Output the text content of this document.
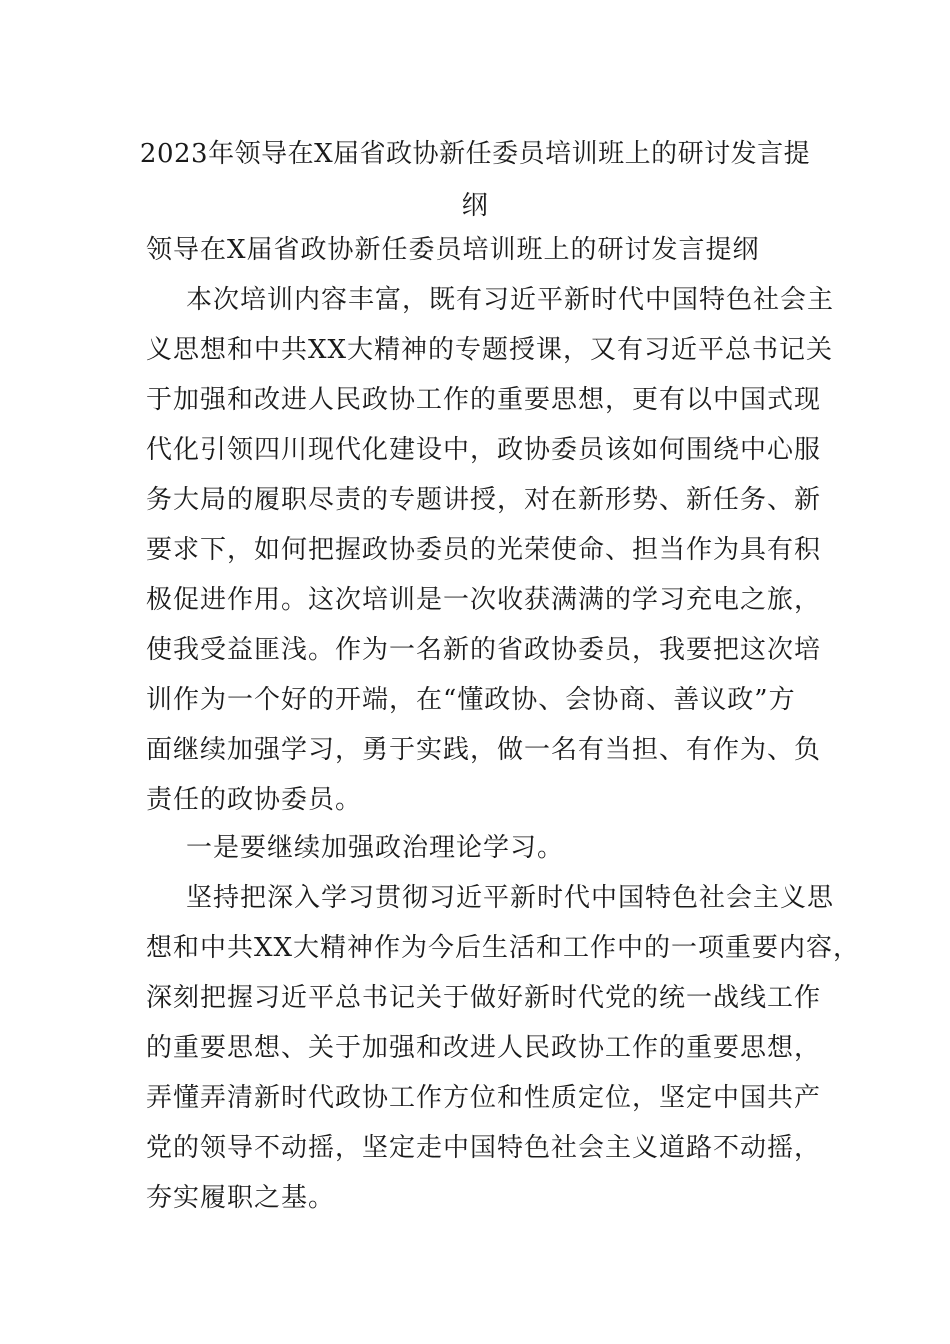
2023年领导在X届省政协新任委员培训班上的研讨发言提
纲
领导在X届省政协新任委员培训班上的研讨发言提纲
本次培训内容丰富，既有习近平新时代中国特色社会主
义思想和中共XX大精神的专题授课，又有习近平总书记关
于加强和改进人民政协工作的重要思想，更有以中国式现
代化引领四川现代化建设中，政协委员该如何围绕中心服
务大局的履职尽责的专题讲授，对在新形势、新任务、新
要求下，如何把握政协委员的光荣使命、担当作为具有积
极促进作用。这次培训是一次收获满满的学习充电之旅，
使我受益匪浅。作为一名新的省政协委员，我要把这次培
训作为一个好的开端，在“懂政协、会协商、善议政”方
面继续加强学习，勇于实践，做一名有当担、有作为、负
责任的政协委员。
一是要继续加强政治理论学习。
坚持把深入学习贯彻习近平新时代中国特色社会主义思
想和中共XX大精神作为今后生活和工作中的一项重要内容，
深刻把握习近平总书记关于做好新时代党的统一战线工作
的重要思想、关于加强和改进人民政协工作的重要思想，
弄懂弄清新时代政协工作方位和性质定位，坚定中国共产
党的领导不动摇，坚定走中国特色社会主义道路不动摇，
夯实履职之基。
